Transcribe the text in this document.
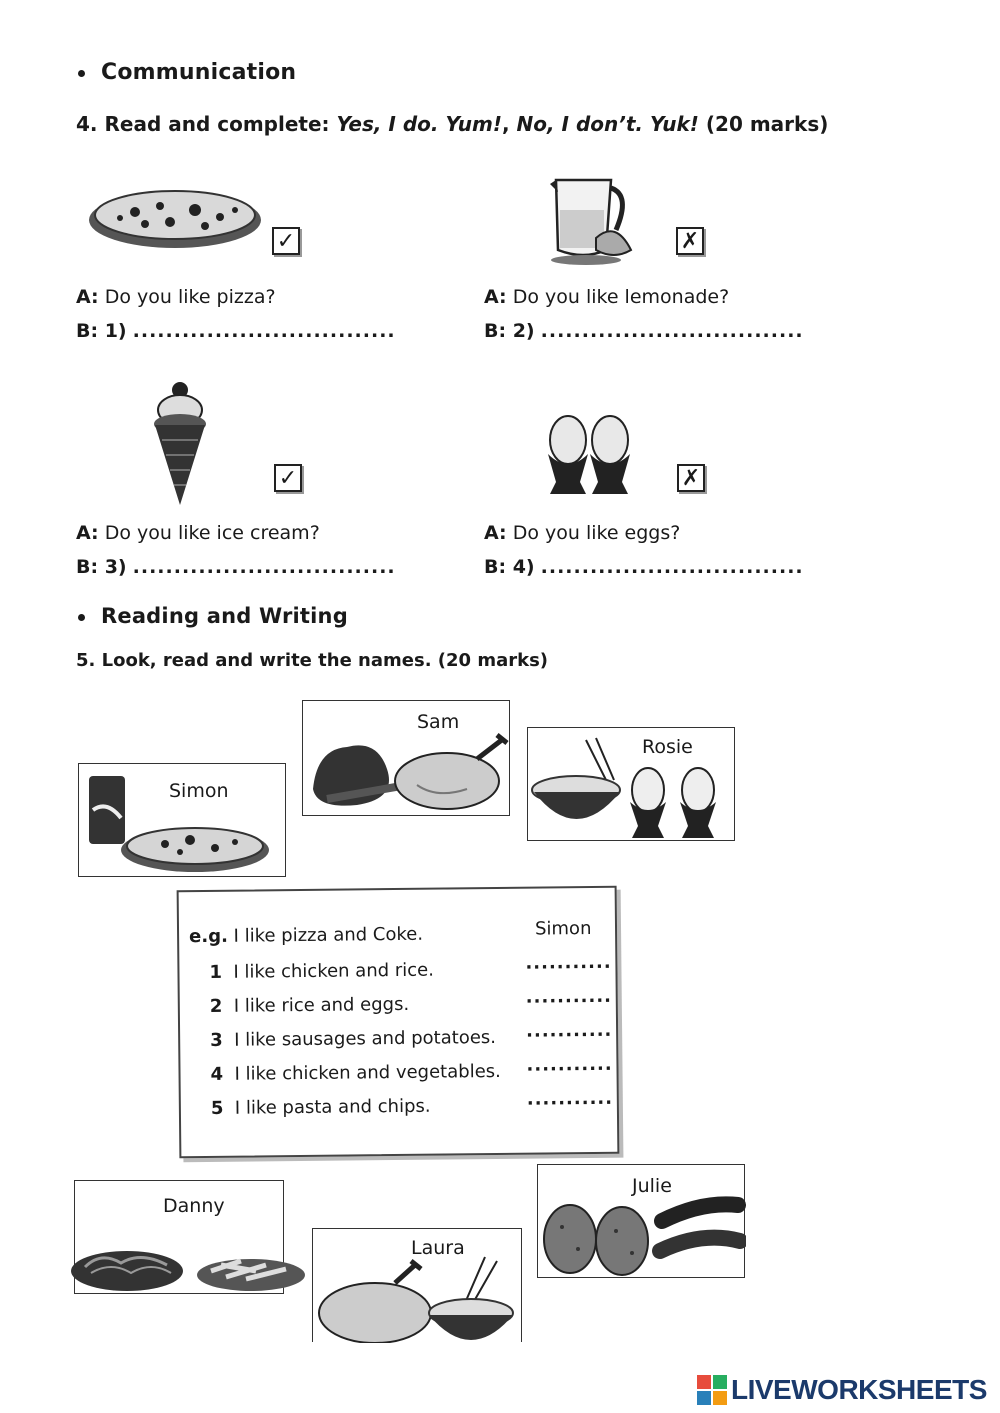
Communication
4. Read and complete: Yes, I do. Yum!, No, I don’t. Yuk! (20 marks)
✓	✗
A: Do you like pizza?
B: 1) ................................
A: Do you like lemonade?
B: 2) ................................
✓	✗
A: Do you like ice cream?
B: 3) ................................
A: Do you like eggs?
B: 4) ................................
Reading and Writing
5. Look, read and write the names. (20 marks)
Simon
Sam
Rosie
e.g. I like pizza and Coke.	Simon
1 I like chicken and rice.	...........
2 I like rice and eggs.	...........
3 I like sausages and potatoes. ...........
4 I like chicken and vegetables. ...........
5 I like pasta and chips.	...........
Danny
Laura
Julie
LIVEWORKSHEETS
